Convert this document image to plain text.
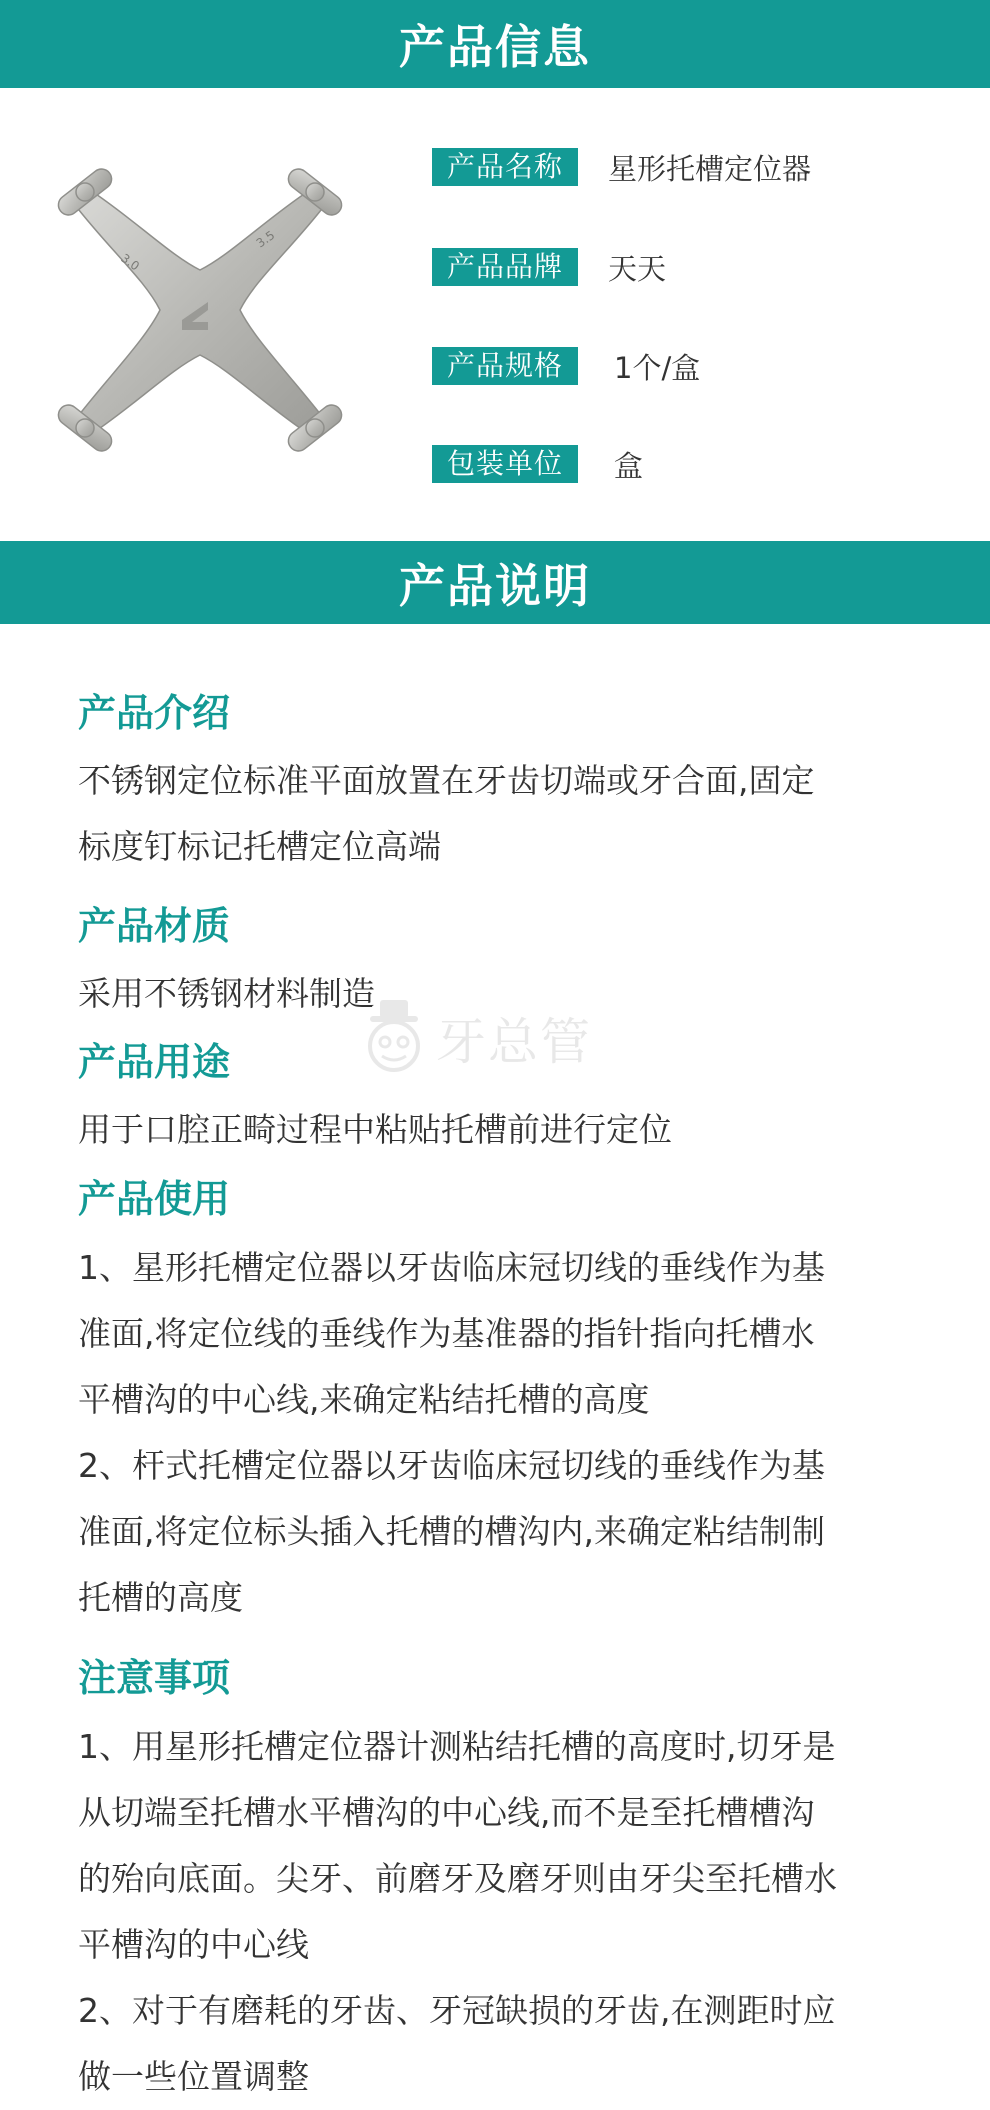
产品信息
3.0
3.5
产品名称	星形托槽定位器
产品品牌	天天
产品规格	1个/盒
包装单位	盒
产品说明
产品介绍
不锈钢定位标准平面放置在牙齿切端或牙合面,固定
标度钉标记托槽定位高端
产品材质
采用不锈钢材料制造
牙总管
产品用途
用于口腔正畸过程中粘贴托槽前进行定位
产品使用
1、星形托槽定位器以牙齿临床冠切线的垂线作为基
准面,将定位线的垂线作为基准器的指针指向托槽水
平槽沟的中心线,来确定粘结托槽的高度
2、杆式托槽定位器以牙齿临床冠切线的垂线作为基
准面,将定位标头插入托槽的槽沟内,来确定粘结制制
托槽的高度
注意事项
1、用星形托槽定位器计测粘结托槽的高度时,切牙是
从切端至托槽水平槽沟的中心线,而不是至托槽槽沟
的殆向底面。尖牙、前磨牙及磨牙则由牙尖至托槽水
平槽沟的中心线
2、对于有磨耗的牙齿、牙冠缺损的牙齿,在测距时应
做一些位置调整
